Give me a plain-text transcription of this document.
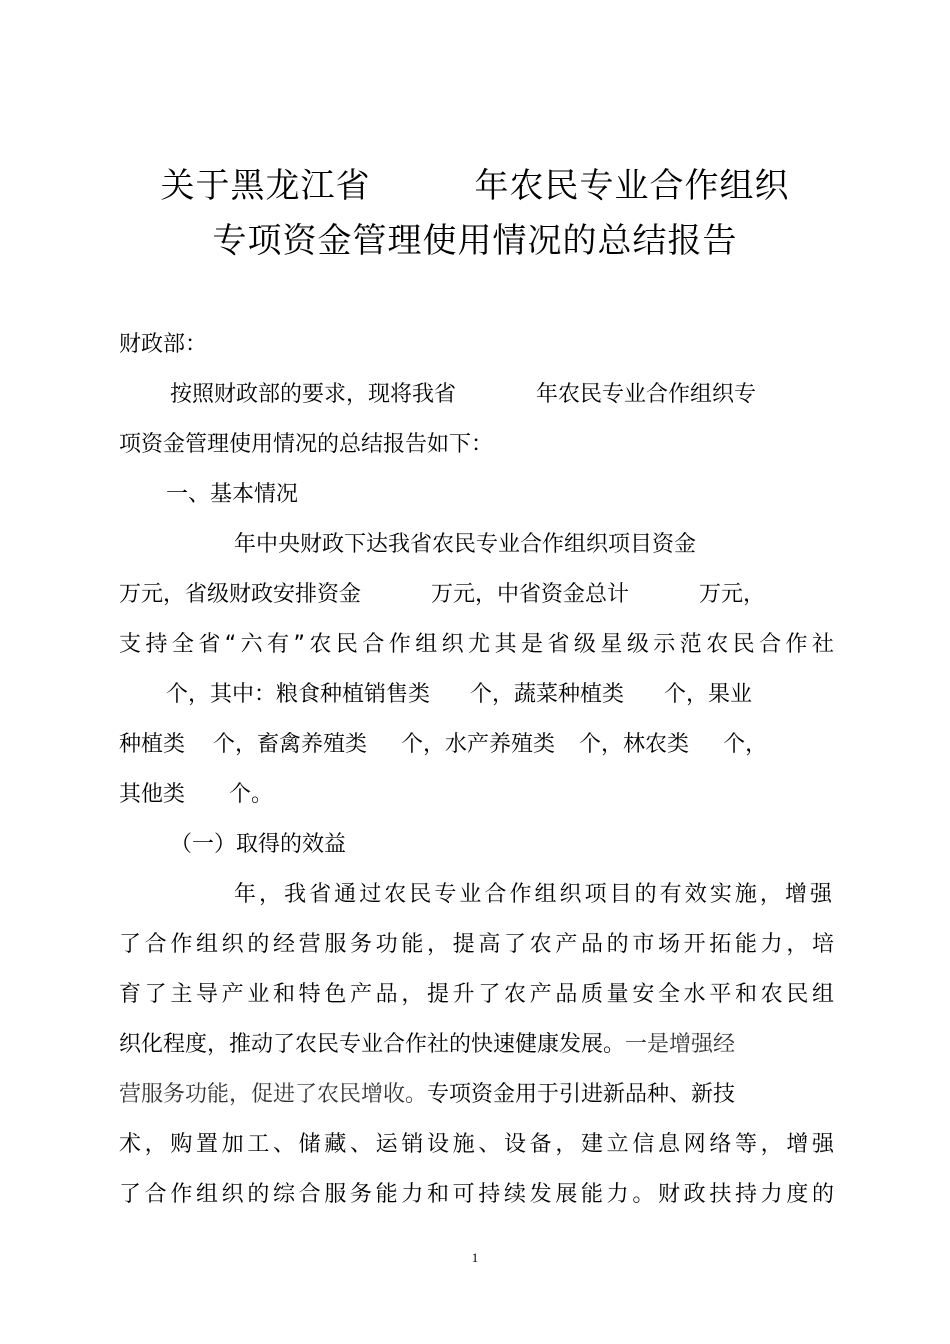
关于黑龙江省	年农民专业合作组织
专项资金管理使用情况的总结报告
财政部：
按照财政部的要求，现将我省	年农民专业合作组织专
项资金管理使用情况的总结报告如下：
一、基本情况
年中央财政下达我省农民专业合作组织项目资金
万元，省级财政安排资金	万元，中省资金总计	万元，
支持全省“六有”农民合作组织尤其是省级星级示范农民合作社
个，其中：粮食种植销售类 个，蔬菜种植类 个，果业
种植类 个，畜禽养殖类 个，水产养殖类 个，林农类 个，
其他类 个。
（一）取得的效益
年，我省通过农民专业合作组织项目的有效实施，增强
了合作组织的经营服务功能，提高了农产品的市场开拓能力，培
育了主导产业和特色产品，提升了农产品质量安全水平和农民组
织化程度，推动了农民专业合作社的快速健康发展。一是增强经
营服务功能，促进了农民增收。专项资金用于引进新品种、新技
术，购置加工、储藏、运销设施、设备，建立信息网络等，增强
了合作组织的综合服务能力和可持续发展能力。财政扶持力度的
1
